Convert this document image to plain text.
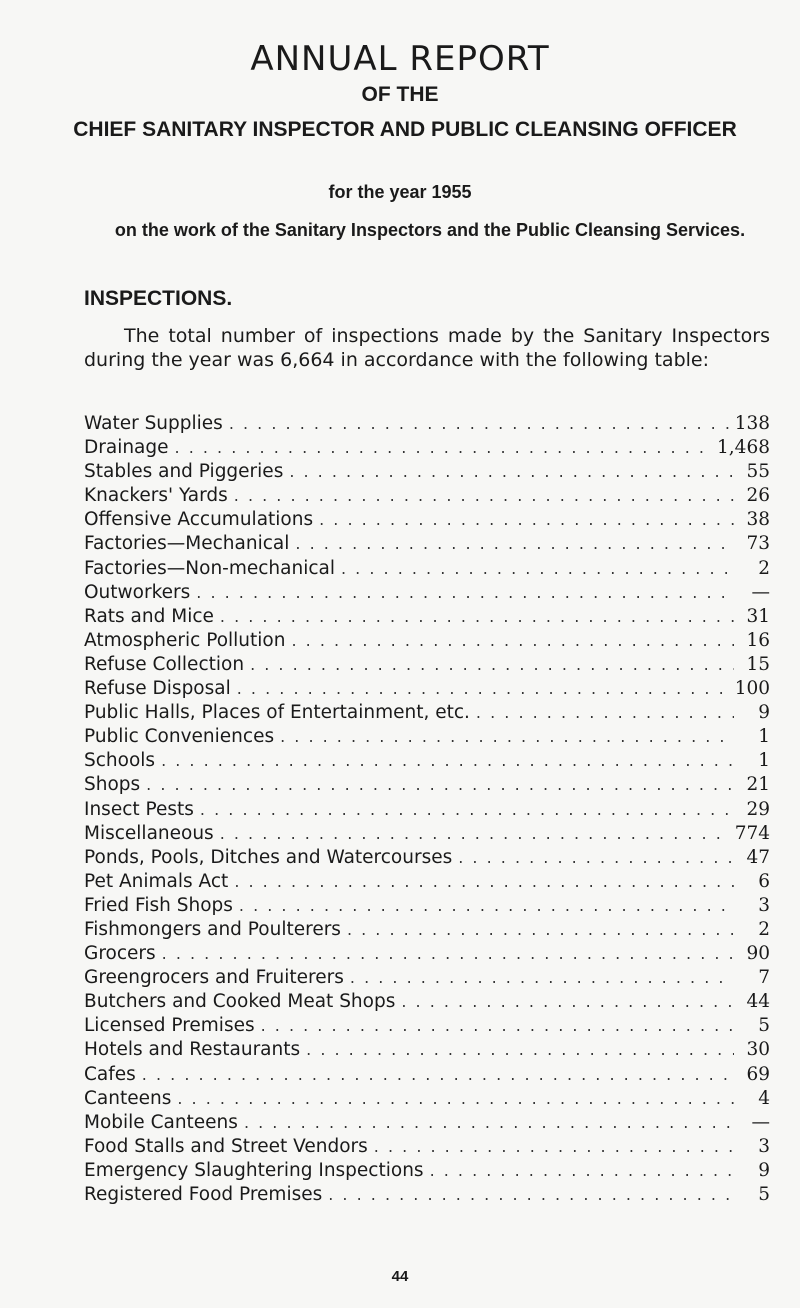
ANNUAL REPORT
OF THE
CHIEF SANITARY INSPECTOR AND PUBLIC CLEANSING OFFICER
for the year 1955
on the work of the Sanitary Inspectors and the Public Cleansing Services.
INSPECTIONS.
The total number of inspections made by the Sanitary Inspectors during the year was 6,664 in accordance with the following table:
Water Supplies . . .	138
Drainage . . .	1,468
Stables and Piggeries . . .	55
Knackers' Yards . . .	26
Offensive Accumulations . . .	38
Factories—Mechanical . . .	73
Factories—Non-mechanical . . .	2
Outworkers . . .	—
Rats and Mice . . .	31
Atmospheric Pollution . . .	16
Refuse Collection . . .	15
Refuse Disposal . . .	100
Public Halls, Places of Entertainment, etc. . . .	9
Public Conveniences . . .	1
Schools . . .	1
Shops . . .	21
Insect Pests . . .	29
Miscellaneous . . .	774
Ponds, Pools, Ditches and Watercourses . . .	47
Pet Animals Act . . .	6
Fried Fish Shops . . .	3
Fishmongers and Poulterers . . .	2
Grocers . . .	90
Greengrocers and Fruiterers . . .	7
Butchers and Cooked Meat Shops . . .	44
Licensed Premises . . .	5
Hotels and Restaurants . . .	30
Cafes . . .	69
Canteens . . .	4
Mobile Canteens . . .	—
Food Stalls and Street Vendors . . .	3
Emergency Slaughtering Inspections . . .	9
Registered Food Premises . . .	5
44
